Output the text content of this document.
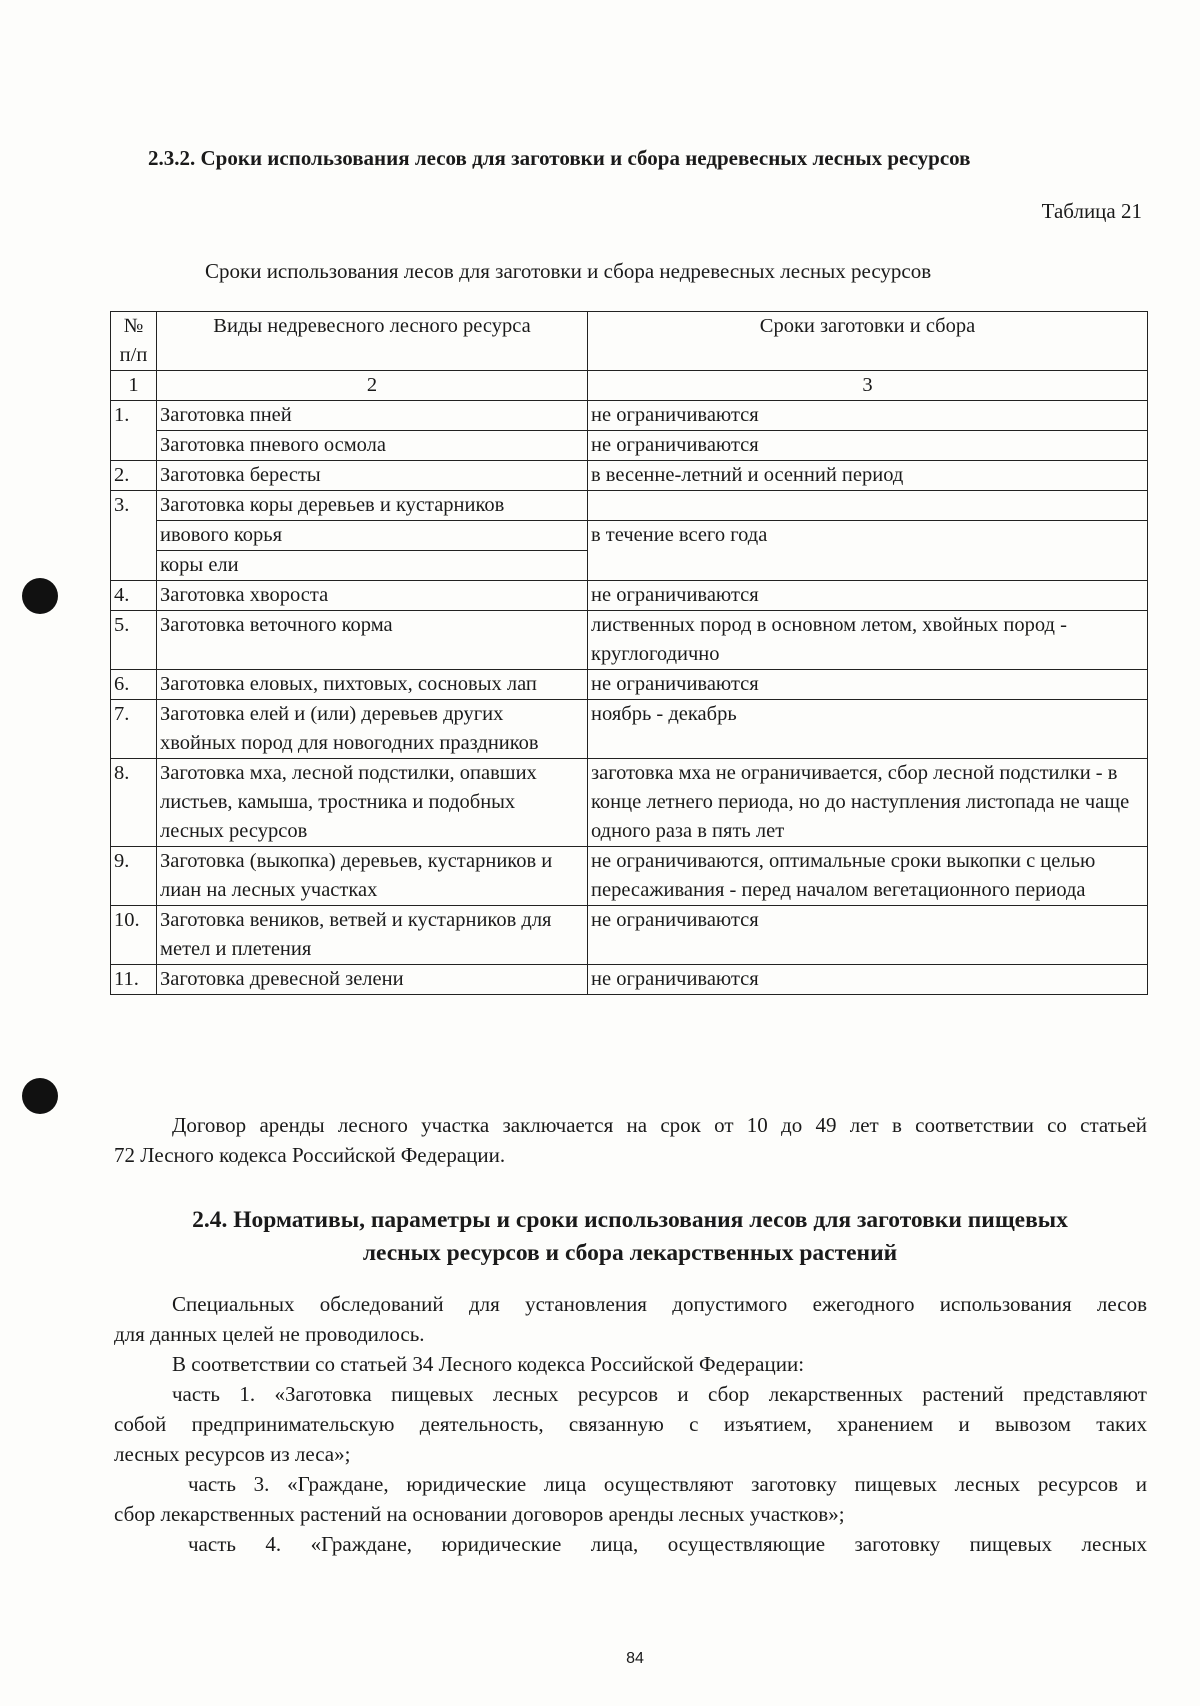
2.3.2. Сроки использования лесов для заготовки и сбора недревесных лесных ресурсов
Таблица 21
Сроки использования лесов для заготовки и сбора недревесных лесных ресурсов
№ п/п	Виды недревесного лесного ресурса	Сроки заготовки и сбора
1	2	3
1.	Заготовка пней	не ограничиваются
	Заготовка пневого осмола	не ограничиваются
2.	Заготовка бересты	в весенне-летний и осенний период
3.	Заготовка коры деревьев и кустарников	
	ивового корья	в течение всего года
	коры ели	
4.	Заготовка хвороста	не ограничиваются
5.	Заготовка веточного корма	лиственных пород в основном летом, хвойных пород - круглогодично
6.	Заготовка еловых, пихтовых, сосновых лап	не ограничиваются
7.	Заготовка елей и (или) деревьев других хвойных пород для новогодних праздников	ноябрь - декабрь
8.	Заготовка мха, лесной подстилки, опавших листьев, камыша, тростника и подобных лесных ресурсов	заготовка мха не ограничивается, сбор лесной подстилки - в конце летнего периода, но до наступления листопада не чаще одного раза в пять лет
9.	Заготовка (выкопка) деревьев, кустарников и лиан на лесных участках	не ограничиваются, оптимальные сроки выкопки с целью пересаживания - перед началом вегетационного периода
10.	Заготовка веников, ветвей и кустарников для метел и плетения	не ограничиваются
11.	Заготовка древесной зелени	не ограничиваются
Договор аренды лесного участка заключается на срок от 10 до 49 лет в соответствии со статьей
72 Лесного кодекса Российской Федерации.
2.4. Нормативы, параметры и сроки использования лесов для заготовки пищевых
лесных ресурсов и сбора лекарственных растений
Специальных обследований для установления допустимого ежегодного использования лесов
для данных целей не проводилось.
В соответствии со статьей 34 Лесного кодекса Российской Федерации:
часть 1. «Заготовка пищевых лесных ресурсов и сбор лекарственных растений представляют
собой предпринимательскую деятельность, связанную с изъятием, хранением и вывозом таких
лесных ресурсов из леса»;
часть 3. «Граждане, юридические лица осуществляют заготовку пищевых лесных ресурсов и
сбор лекарственных растений на основании договоров аренды лесных участков»;
часть 4. «Граждане, юридические лица, осуществляющие заготовку пищевых лесных
84
